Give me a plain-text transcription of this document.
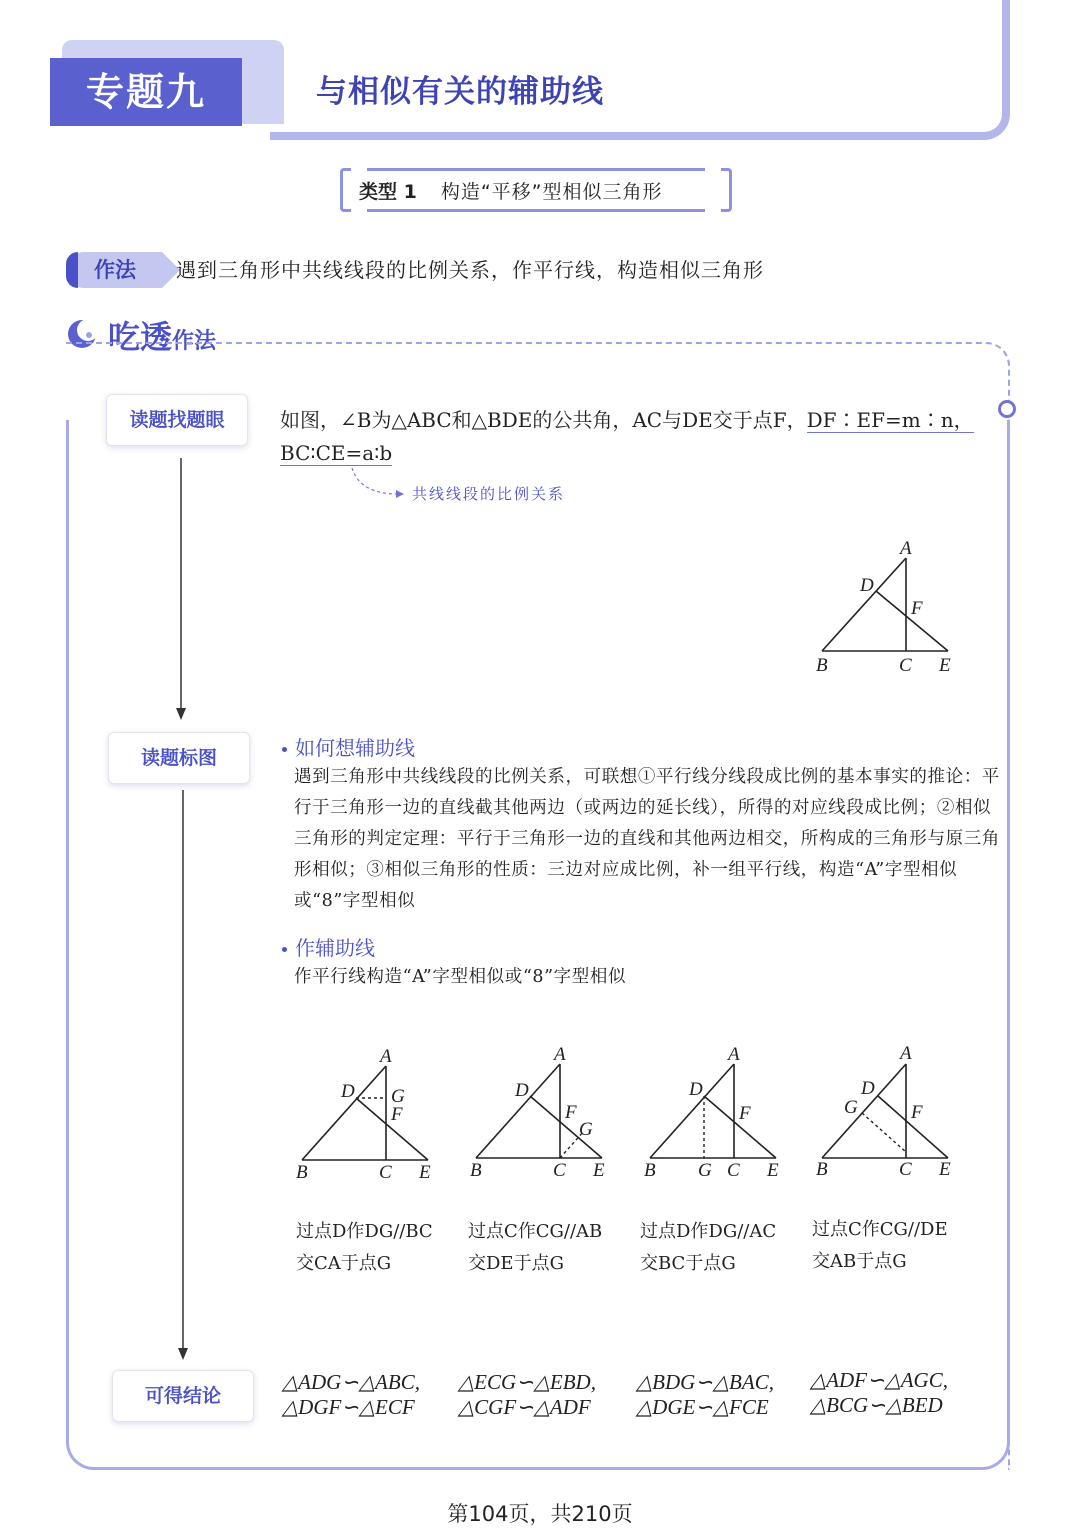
专题九	与相似有关的辅助线
类型 1 构造“平移”型相似三角形
作法	遇到三角形中共线线段的比例关系，作平行线，构造相似三角形
吃透作法
读题找题眼
读题标图
可得结论
如图，∠B为△ABC和△BDE的公共角，AC与DE交于点F，DF∶EF=m∶n，
BC∶CE=a∶b
共线线段的比例关系
A
D
F
B	C E
如何想辅助线
遇到三角形中共线线段的比例关系，可联想①平行线分线段成比例的基本事实的推论：平行于三角形一边的直线截其他两边（或两边的延长线），所得的对应线段成比例；②相似三角形的判定定理：平行于三角形一边的直线和其他两边相交，所构成的三角形与原三角形相似；③相似三角形的性质：三边对应成比例，补一组平行线，构造“A”字型相似或“8”字型相似
作辅助线
作平行线构造“A”字型相似或“8”字型相似
A
D G
F
B	C E
A
D
F
G
B	C E
A
D
F
B G C E
A
D
G	F
B	C E
过点D作DG//BC
交CA于点G
过点C作CG//AB
交DE于点G
过点D作DG//AC
交BC于点G
过点C作CG//DE
交AB于点G
△ADG∽△ABC,
△DGF∽△ECF
△ECG∽△EBD,
△CGF∽△ADF
△BDG∽△BAC,
△DGE∽△FCE
△ADF∽△AGC,
△BCG∽△BED
第104页，共210页
